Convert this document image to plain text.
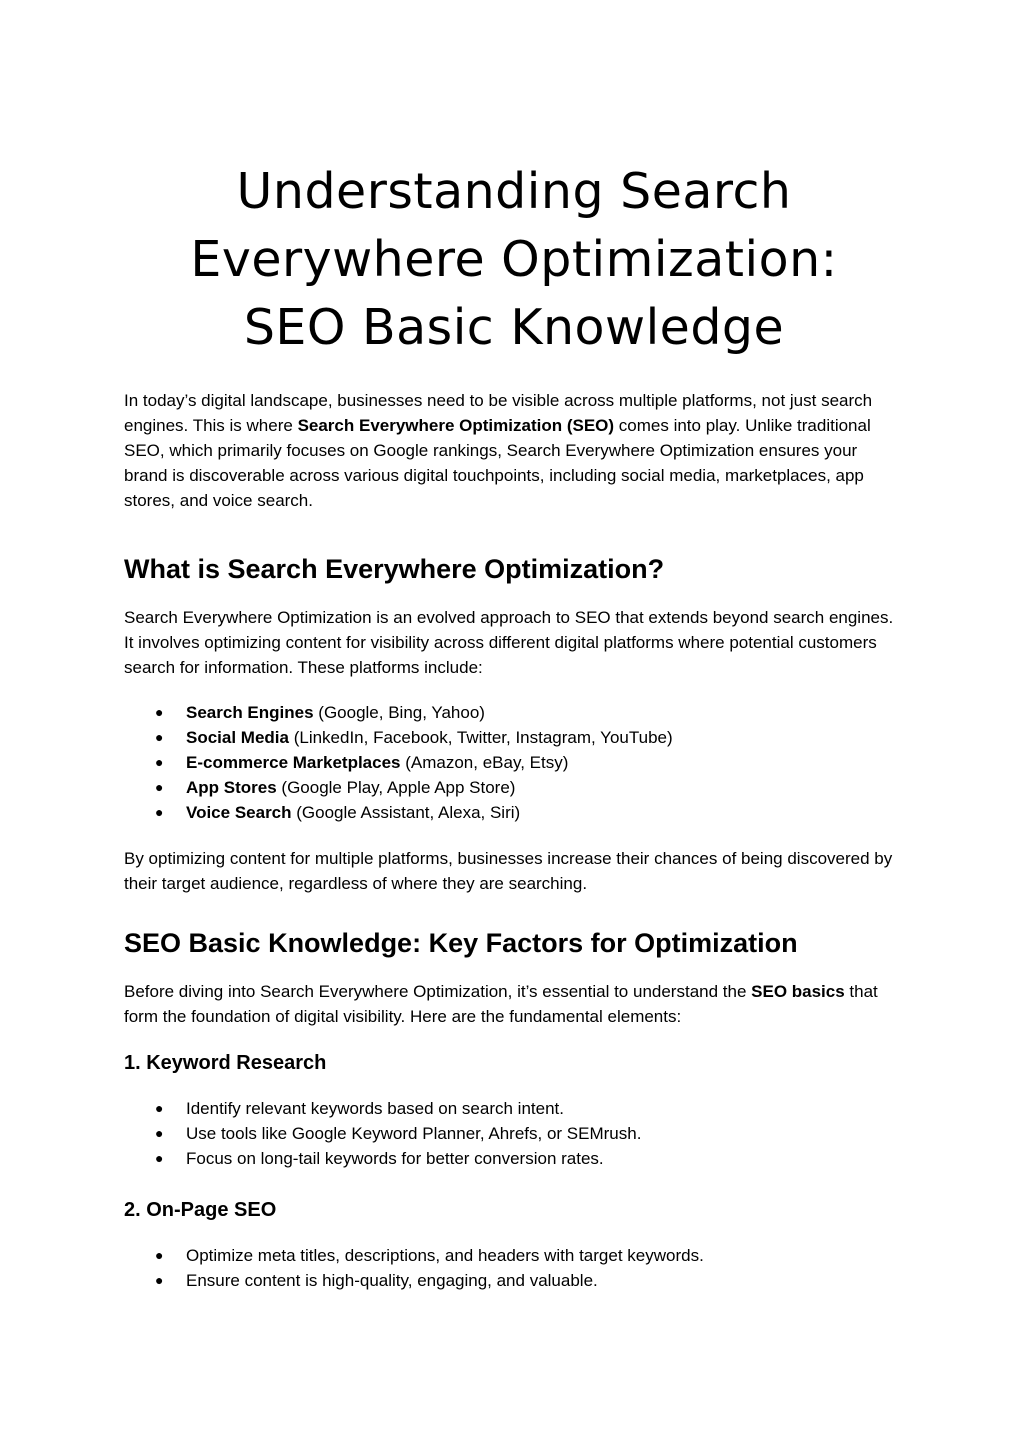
Understanding Search
Everywhere Optimization:
SEO Basic Knowledge

In today’s digital landscape, businesses need to be visible across multiple platforms, not just search engines. This is where Search Everywhere Optimization (SEO) comes into play. Unlike traditional SEO, which primarily focuses on Google rankings, Search Everywhere Optimization ensures your brand is discoverable across various digital touchpoints, including social media, marketplaces, app stores, and voice search.

What is Search Everywhere Optimization?

Search Everywhere Optimization is an evolved approach to SEO that extends beyond search engines. It involves optimizing content for visibility across different digital platforms where potential customers search for information. These platforms include:

● Search Engines (Google, Bing, Yahoo)
● Social Media (LinkedIn, Facebook, Twitter, Instagram, YouTube)
● E-commerce Marketplaces (Amazon, eBay, Etsy)
● App Stores (Google Play, Apple App Store)
● Voice Search (Google Assistant, Alexa, Siri)

By optimizing content for multiple platforms, businesses increase their chances of being discovered by their target audience, regardless of where they are searching.

SEO Basic Knowledge: Key Factors for Optimization

Before diving into Search Everywhere Optimization, it’s essential to understand the SEO basics that form the foundation of digital visibility. Here are the fundamental elements:

1. Keyword Research
● Identify relevant keywords based on search intent.
● Use tools like Google Keyword Planner, Ahrefs, or SEMrush.
● Focus on long-tail keywords for better conversion rates.
2. On-Page SEO
● Optimize meta titles, descriptions, and headers with target keywords.
● Ensure content is high-quality, engaging, and valuable.
